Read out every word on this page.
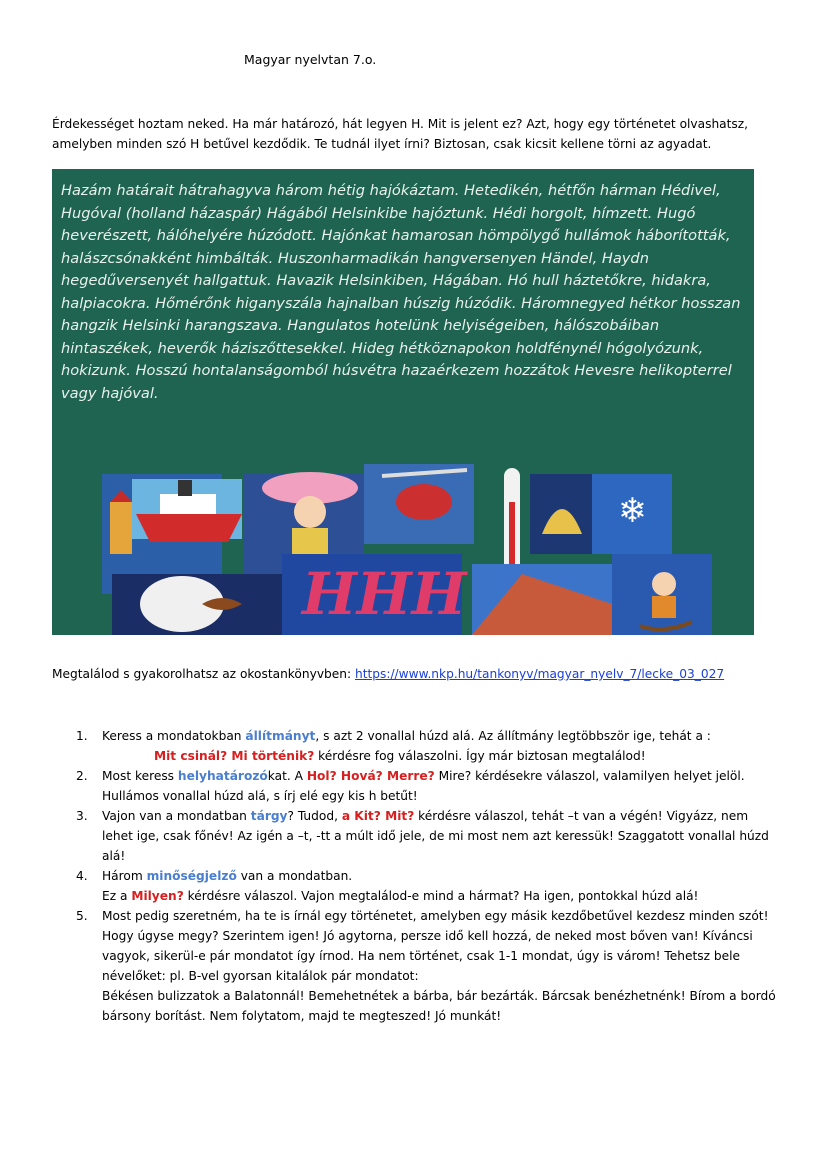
Magyar nyelvtan 7.o.
Érdekességet hoztam neked. Ha már határozó, hát legyen H. Mit is jelent ez? Azt, hogy egy történetet olvashatsz, amelyben minden szó H betűvel kezdődik. Te tudnál ilyet írni? Biztosan, csak kicsit kellene törni az agyadat.
Hazám határait hátrahagyva három hétig hajókáztam. Hetedikén, hétfőn hárman Hédivel, Hugóval (holland házaspár) Hágából Helsinkibe hajóztunk. Hédi horgolt, hímzett. Hugó heverészett, hálóhelyére húzódott. Hajónkat hamarosan hömpölygő hullámok háborították, halászcsónakként himbálták. Huszonharmadikán hangversenyen Händel, Haydn hegedűversenyét hallgattuk. Havazik Helsinkiben, Hágában. Hó hull háztetőkre, hidakra, halpiacokra. Hőmérőnk higanyszála hajnalban húszig húzódik. Háromnegyed hétkor hosszan hangzik Helsinki harangszava. Hangulatos hotelünk helyiségeiben, hálószobáiban hintaszékek, heverők háziszőttesekkel. Hideg hétköznapokon holdfénynél hógolyózunk, hokizunk. Hosszú hontalanságomból húsvétra hazaérkezem hozzátok Hevesre helikopterrel vagy hajóval.
❄
HHH
Megtalálod s gyakorolhatsz az okostankönyvben: https://www.nkp.hu/tankonyv/magyar_nyelv_7/lecke_03_027
1. Keress a mondatokban állítmányt, s azt 2 vonallal húzd alá. Az állítmány legtöbbször ige, tehát a :
Mit csinál? Mi történik? kérdésre fog válaszolni. Így már biztosan megtalálod!
2. Most keress helyhatározókat. A Hol? Hová? Merre? Mire? kérdésekre válaszol, valamilyen helyet jelöl. Hullámos vonallal húzd alá, s írj elé egy kis h betűt!
3. Vajon van a mondatban tárgy? Tudod, a Kit? Mit? kérdésre válaszol, tehát –t van a végén! Vigyázz, nem lehet ige, csak főnév! Az igén a –t, -tt a múlt idő jele, de mi most nem azt keressük! Szaggatott vonallal húzd alá!
4. Három minőségjelző van a mondatban.
Ez a Milyen? kérdésre válaszol. Vajon megtalálod-e mind a hármat? Ha igen, pontokkal húzd alá!
5. Most pedig szeretném, ha te is írnál egy történetet, amelyben egy másik kezdőbetűvel kezdesz minden szót! Hogy úgyse megy? Szerintem igen! Jó agytorna, persze idő kell hozzá, de neked most bőven van! Kíváncsi vagyok, sikerül-e pár mondatot így írnod. Ha nem történet, csak 1-1 mondat, úgy is várom! Tehetsz bele névelőket: pl. B-vel gyorsan kitalálok pár mondatot:
Békésen bulizzatok a Balatonnál! Bemehetnétek a bárba, bár bezárták. Bárcsak benézhetnénk! Bírom a bordó bársony borítást. Nem folytatom, majd te megteszed! Jó munkát!
